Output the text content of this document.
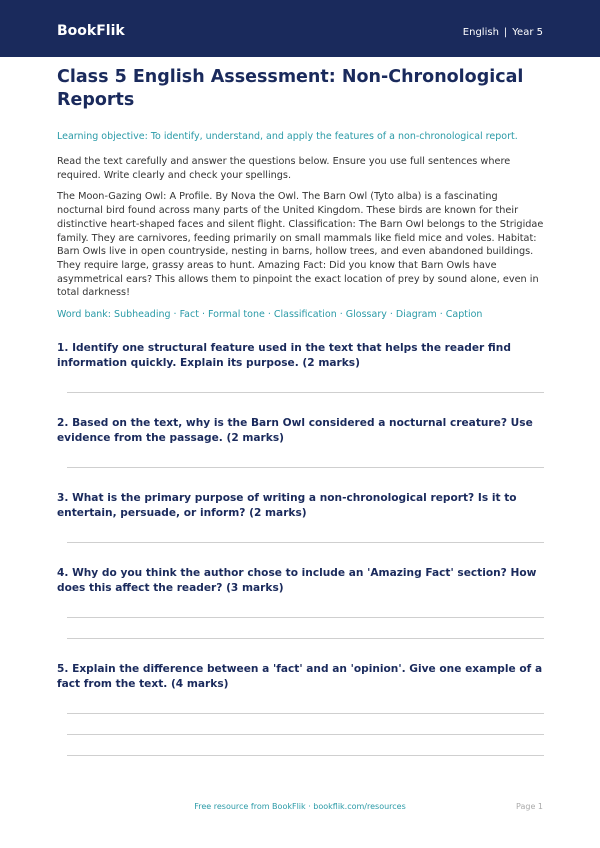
BookFlik	English | Year 5
Class 5 English Assessment: Non-Chronological Reports
Learning objective: To identify, understand, and apply the features of a non-chronological report.
Read the text carefully and answer the questions below. Ensure you use full sentences where required. Write clearly and check your spellings.
The Moon-Gazing Owl: A Profile. By Nova the Owl. The Barn Owl (Tyto alba) is a fascinating nocturnal bird found across many parts of the United Kingdom. These birds are known for their distinctive heart-shaped faces and silent flight. Classification: The Barn Owl belongs to the Strigidae family. They are carnivores, feeding primarily on small mammals like field mice and voles. Habitat: Barn Owls live in open countryside, nesting in barns, hollow trees, and even abandoned buildings. They require large, grassy areas to hunt. Amazing Fact: Did you know that Barn Owls have asymmetrical ears? This allows them to pinpoint the exact location of prey by sound alone, even in total darkness!
Word bank: Subheading · Fact · Formal tone · Classification · Glossary · Diagram · Caption
1. Identify one structural feature used in the text that helps the reader find information quickly. Explain its purpose. (2 marks)
2. Based on the text, why is the Barn Owl considered a nocturnal creature? Use evidence from the passage. (2 marks)
3. What is the primary purpose of writing a non-chronological report? Is it to entertain, persuade, or inform? (2 marks)
4. Why do you think the author chose to include an 'Amazing Fact' section? How does this affect the reader? (3 marks)
5. Explain the difference between a 'fact' and an 'opinion'. Give one example of a fact from the text. (4 marks)
Free resource from BookFlik · bookflik.com/resources	Page 1
